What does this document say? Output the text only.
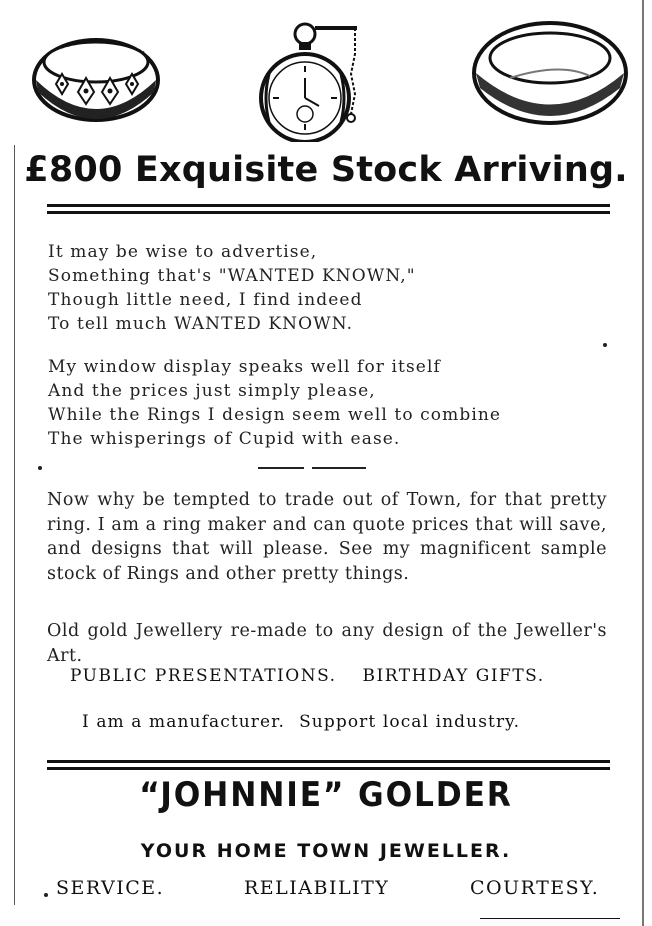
£800 Exquisite Stock Arriving.

It may be wise to advertise,

Something that's "WANTED KNOWN,"

Though little need, I find indeed

To tell much WANTED KNOWN.

My window display speaks well for itself

And the prices just simply please,

While the Rings I design seem well to combine

The whisperings of Cupid with ease.

Now why be tempted to trade out of Town, for that pretty ring. I am a ring maker and can quote prices that will save, and designs that will please. See my magnificent sample stock of Rings and other pretty things.

Old gold Jewellery re-made to any design of the Jeweller's Art.

PUBLIC PRESENTATIONS. BIRTHDAY GIFTS.
I am a manufacturer. Support local industry.
“JOHNNIE” GOLDER
YOUR HOME TOWN JEWELLER.
SERVICE.	RELIABILITY	COURTESY.
